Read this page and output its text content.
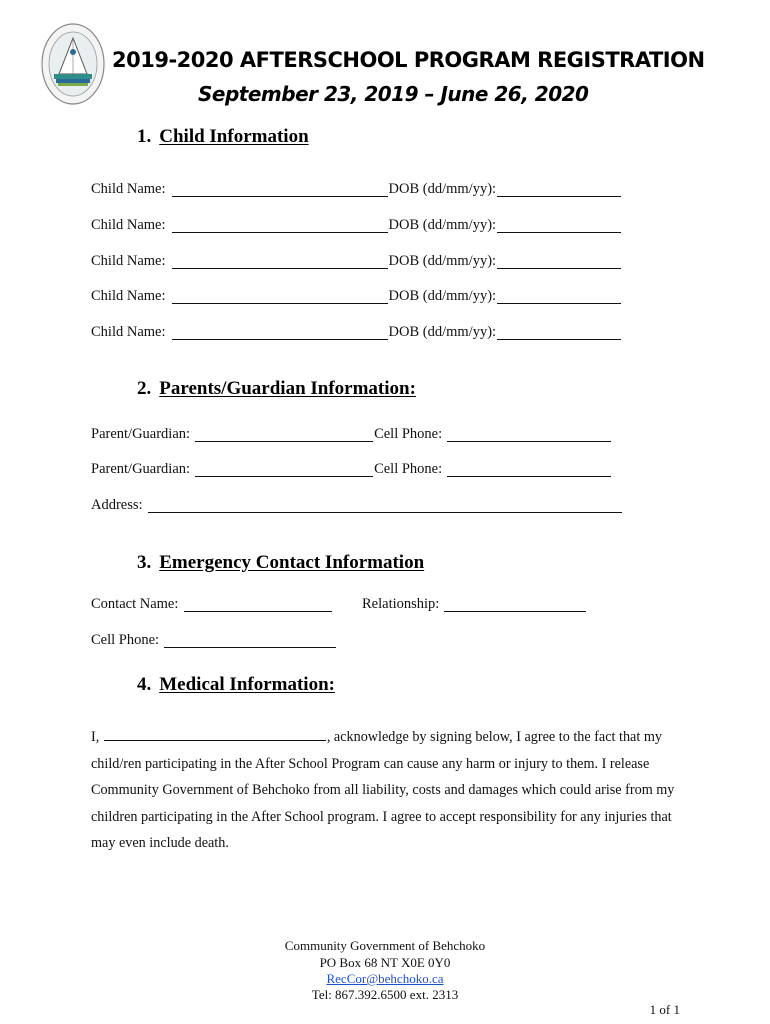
2019-2020 AFTERSCHOOL PROGRAM REGISTRATION
September 23, 2019 – June 26, 2020
1. Child Information
Child Name:	DOB (dd/mm/yy):
Child Name:	DOB (dd/mm/yy):
Child Name:	DOB (dd/mm/yy):
Child Name:	DOB (dd/mm/yy):
Child Name:	DOB (dd/mm/yy):
2. Parents/Guardian Information:
Parent/Guardian:	Cell Phone:
Parent/Guardian:	Cell Phone:
Address:
3. Emergency Contact Information
Contact Name:	Relationship:
Cell Phone:
4. Medical Information:
I,	, acknowledge by signing below, I agree to the fact that my child/ren participating in the After School Program can cause any harm or injury to them. I release Community Government of Behchoko from all liability, costs and damages which could arise from my children participating in the After School program. I agree to accept responsibility for any injuries that may even include death.
Community Government of Behchoko
PO Box 68 NT X0E 0Y0
RecCor@behchoko.ca
Tel: 867.392.6500 ext. 2313
1 of 1
